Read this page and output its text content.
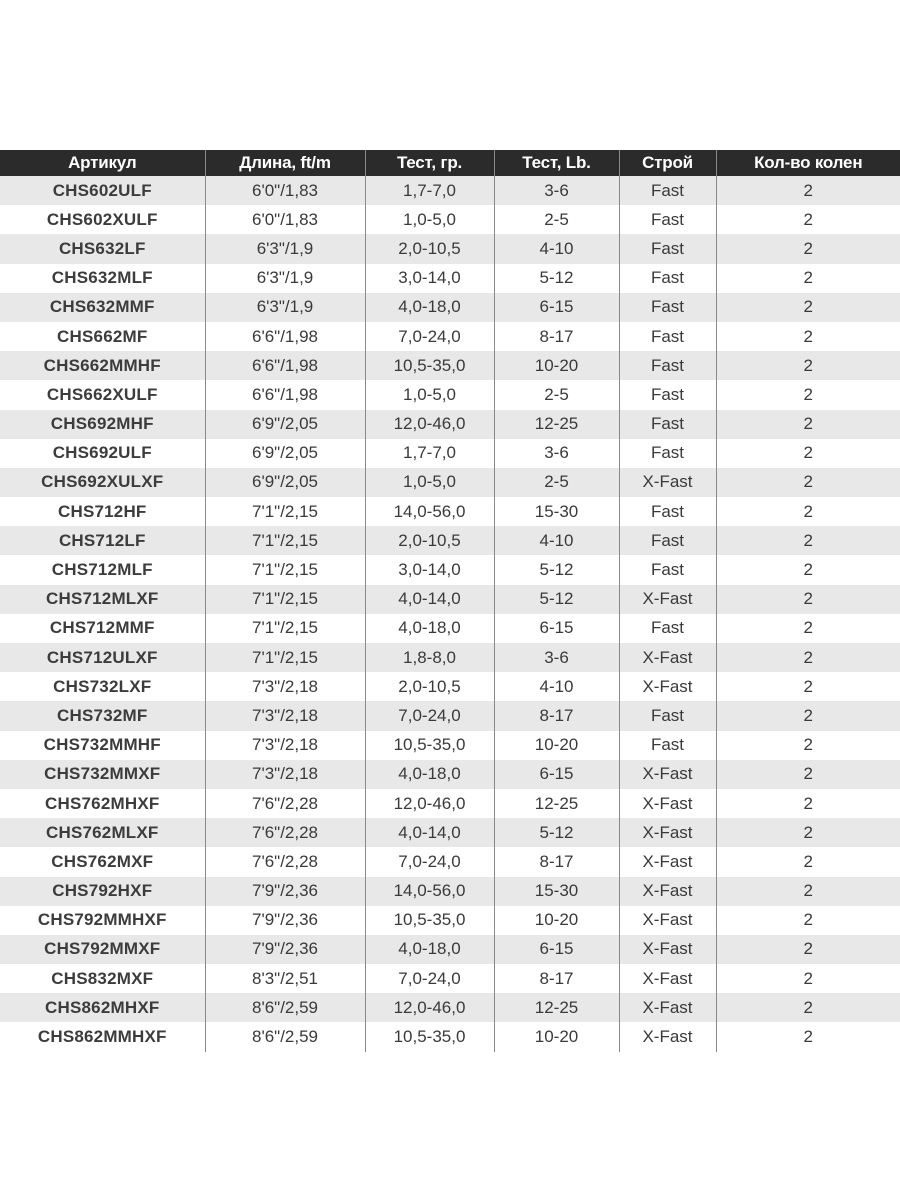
Артикул	Длина, ft/m	Тест, гр.	Тест, Lb.	Строй	Кол-во колен
CHS602ULF	6'0"/1,83	1,7-7,0	3-6	Fast	2
CHS602XULF	6'0"/1,83	1,0-5,0	2-5	Fast	2
CHS632LF	6'3"/1,9	2,0-10,5	4-10	Fast	2
CHS632MLF	6'3"/1,9	3,0-14,0	5-12	Fast	2
CHS632MMF	6'3"/1,9	4,0-18,0	6-15	Fast	2
CHS662MF	6'6"/1,98	7,0-24,0	8-17	Fast	2
CHS662MMHF	6'6"/1,98	10,5-35,0	10-20	Fast	2
CHS662XULF	6'6"/1,98	1,0-5,0	2-5	Fast	2
CHS692MHF	6'9"/2,05	12,0-46,0	12-25	Fast	2
CHS692ULF	6'9"/2,05	1,7-7,0	3-6	Fast	2
CHS692XULXF	6'9"/2,05	1,0-5,0	2-5	X-Fast	2
CHS712HF	7'1"/2,15	14,0-56,0	15-30	Fast	2
CHS712LF	7'1"/2,15	2,0-10,5	4-10	Fast	2
CHS712MLF	7'1"/2,15	3,0-14,0	5-12	Fast	2
CHS712MLXF	7'1"/2,15	4,0-14,0	5-12	X-Fast	2
CHS712MMF	7'1"/2,15	4,0-18,0	6-15	Fast	2
CHS712ULXF	7'1"/2,15	1,8-8,0	3-6	X-Fast	2
CHS732LXF	7'3"/2,18	2,0-10,5	4-10	X-Fast	2
CHS732MF	7'3"/2,18	7,0-24,0	8-17	Fast	2
CHS732MMHF	7'3"/2,18	10,5-35,0	10-20	Fast	2
CHS732MMXF	7'3"/2,18	4,0-18,0	6-15	X-Fast	2
CHS762MHXF	7'6"/2,28	12,0-46,0	12-25	X-Fast	2
CHS762MLXF	7'6"/2,28	4,0-14,0	5-12	X-Fast	2
CHS762MXF	7'6"/2,28	7,0-24,0	8-17	X-Fast	2
CHS792HXF	7'9"/2,36	14,0-56,0	15-30	X-Fast	2
CHS792MMHXF	7'9"/2,36	10,5-35,0	10-20	X-Fast	2
CHS792MMXF	7'9"/2,36	4,0-18,0	6-15	X-Fast	2
CHS832MXF	8'3"/2,51	7,0-24,0	8-17	X-Fast	2
CHS862MHXF	8'6"/2,59	12,0-46,0	12-25	X-Fast	2
CHS862MMHXF	8'6"/2,59	10,5-35,0	10-20	X-Fast	2
